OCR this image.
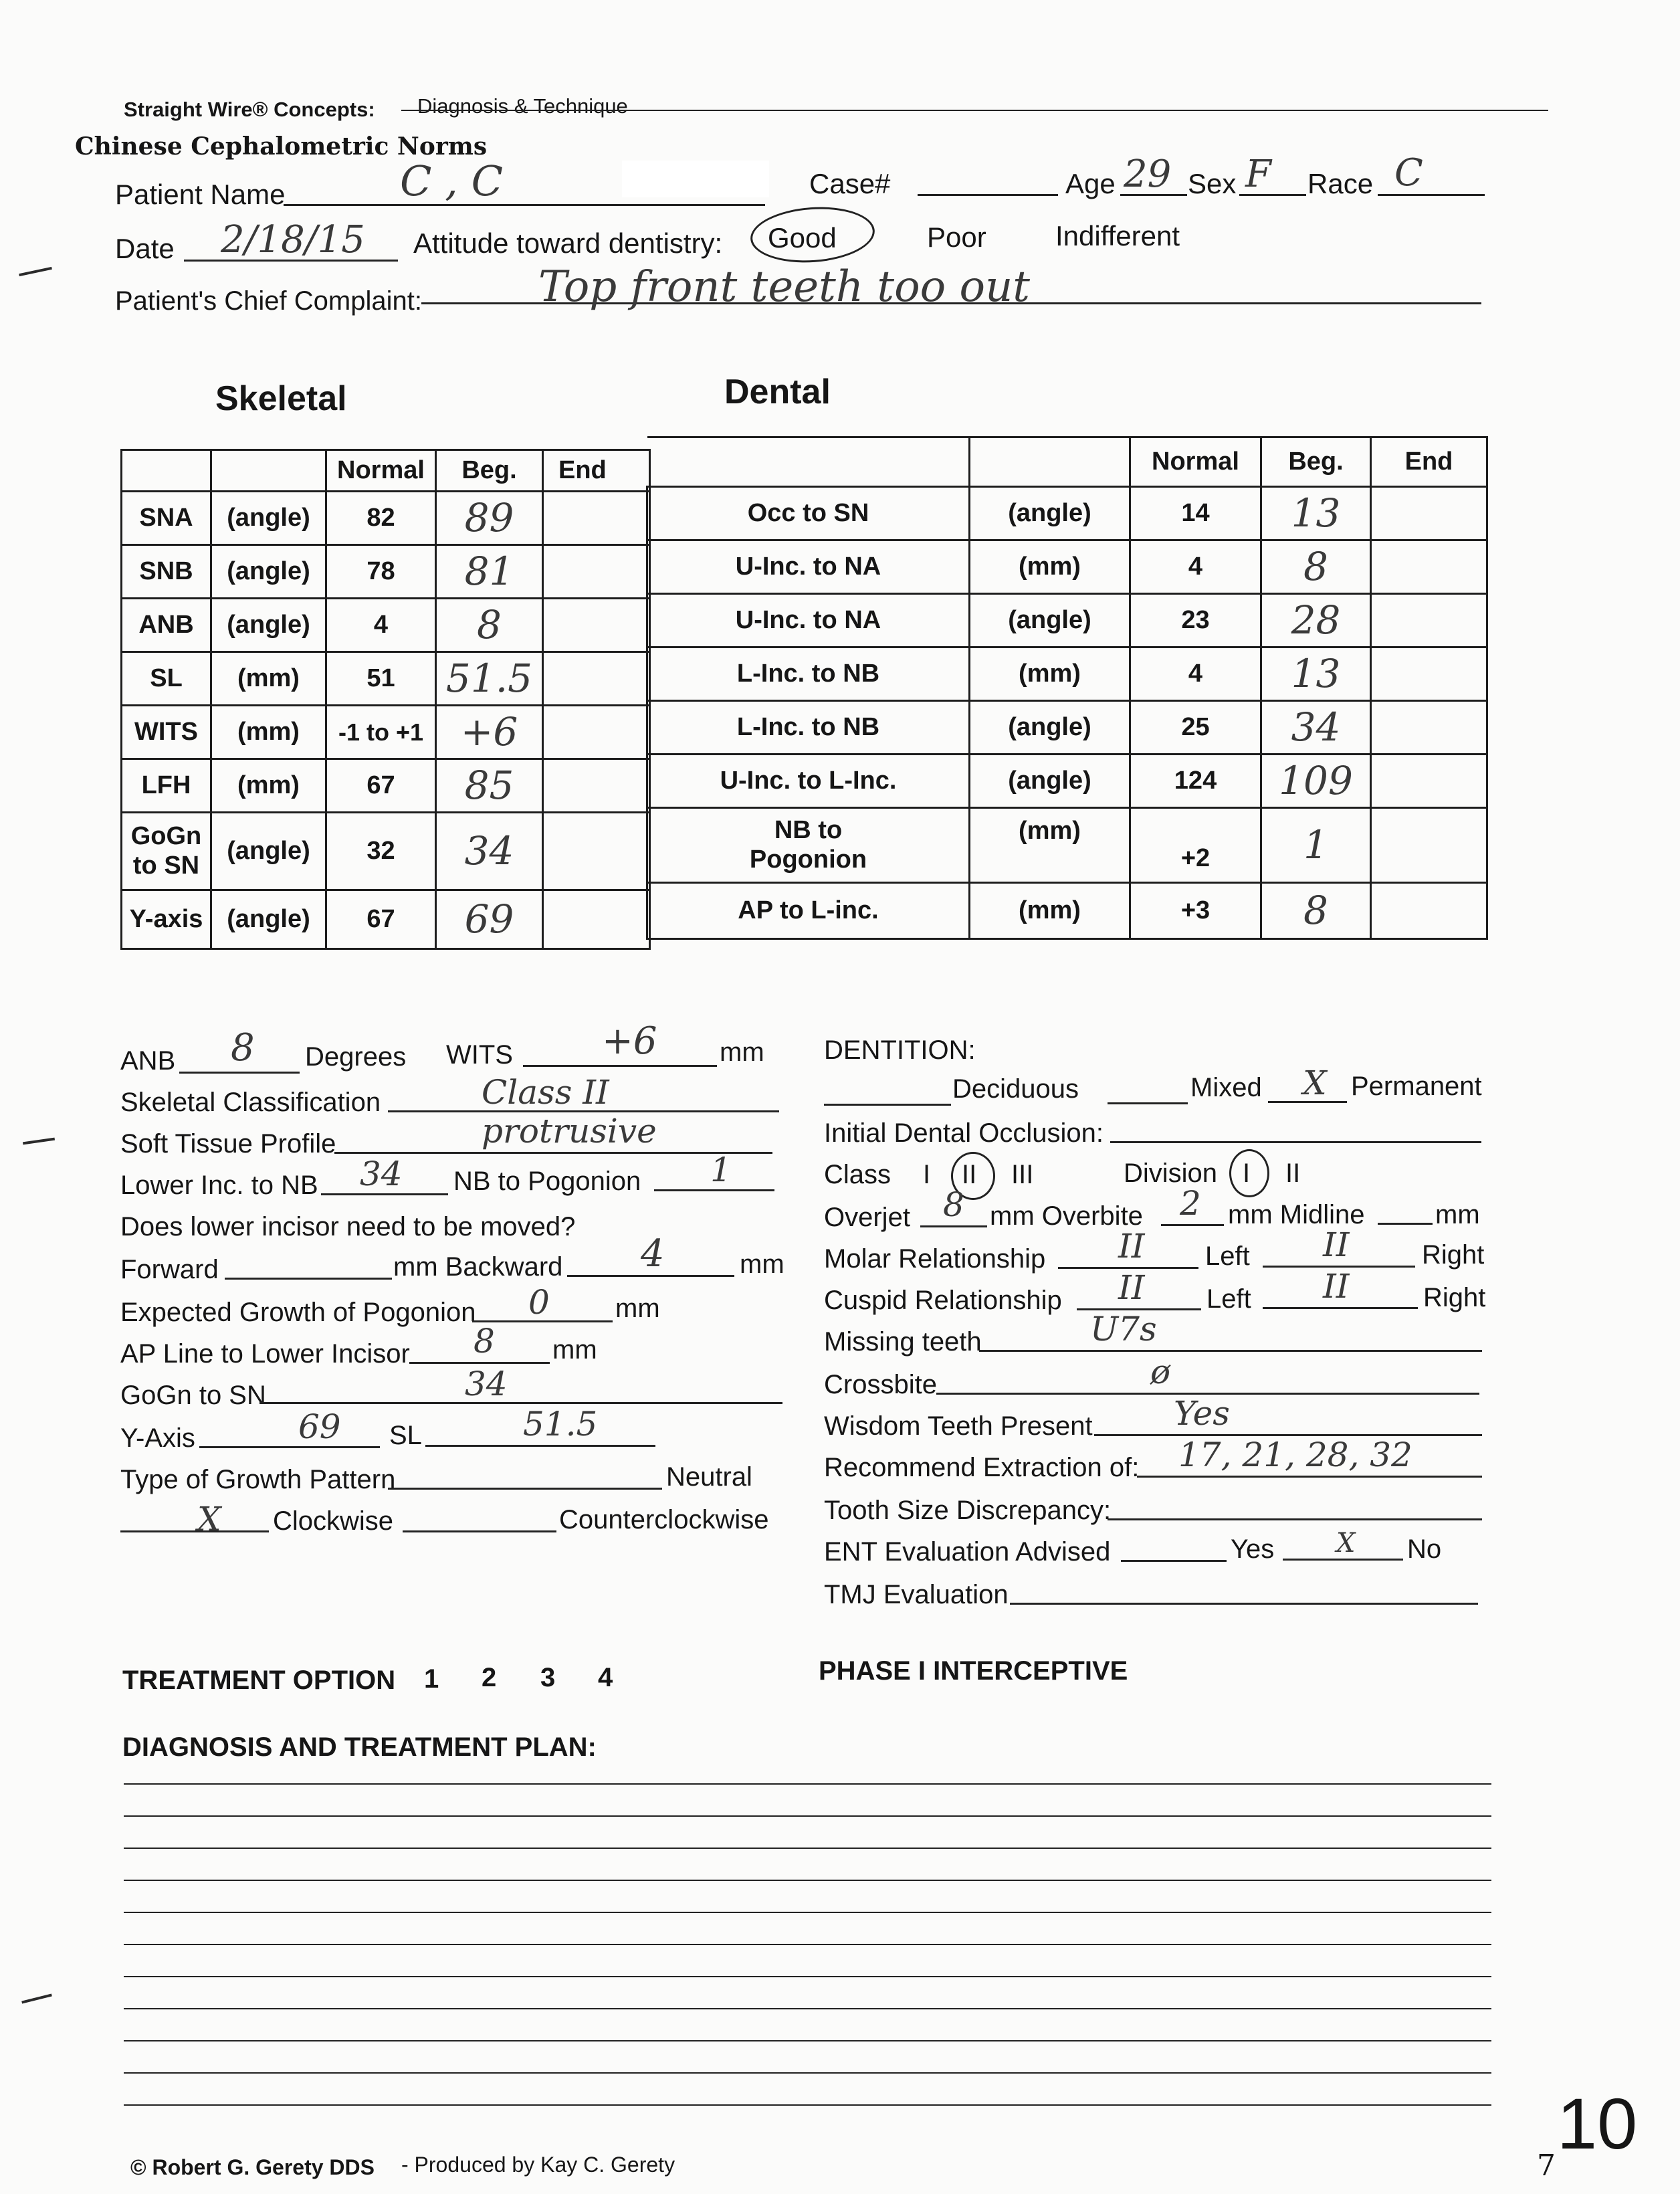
Straight Wire® Concepts: Diagnosis & Technique
Chinese Cephalometric Norms
Patient Name	C , C	Case#	Age 29 Sex F Race C
Date 2/18/15 Attitude toward dentistry: Good	Poor Indifferent
Patient's Chief Complaint:	Top front teeth too out
Skeletal	Dental
		Normal	Beg.	End
SNA	(angle)	82	89	
SNB	(angle)	78	81	
ANB	(angle)	4	8	
SL	(mm)	51	51.5	
WITS	(mm)	-1 to +1	+6	
LFH	(mm)	67	85	
GoGn to SN	(angle)	32	34	
Y-axis	(angle)	67	69	
		Normal	Beg.	End
Occ to SN	(angle)	14	13	
U-Inc. to NA	(mm)	4	8	
U-Inc. to NA	(angle)	23	28	
L-Inc. to NB	(mm)	4	13	
L-Inc. to NB	(angle)	25	34	
U-Inc. to L-Inc.	(angle)	124	109	
NB to Pogonion	(mm)	+2	1	
AP to L-inc.	(mm)	+3	8	
ANB 8 Degrees WITS +6 mm
Skeletal Classification	Class II
Soft Tissue Profile	protrusive
Lower Inc. to NB 34 NB to Pogonion 1
Does lower incisor need to be moved?
Forward	mm Backward 4	mm
Expected Growth of Pogonion 0 mm
AP Line to Lower Incisor 8 mm
GoGn to SN	34
Y-Axis	69 SL	51.5
Type of Growth Pattern	Neutral
X Clockwise	Counterclockwise
DENTITION:
Deciduous	Mixed X Permanent
Initial Dental Occlusion:
Class I II III	Division I II
Overjet 8 mm Overbite 2 mm Midline	mm
Molar Relationship II Left II	Right
Cuspid Relationship II Left II	Right
Missing teeth	U7s
Crossbite	ø
Wisdom Teeth Present Yes
Recommend Extraction of: 17, 21, 28, 32
Tooth Size Discrepancy:
ENT Evaluation Advised	Yes X No
TMJ Evaluation
TREATMENT OPTION 1 2 3 4	PHASE I INTERCEPTIVE
DIAGNOSIS AND TREATMENT PLAN:
© Robert G. Gerety DDS - Produced by Kay C. Gerety
10
7
